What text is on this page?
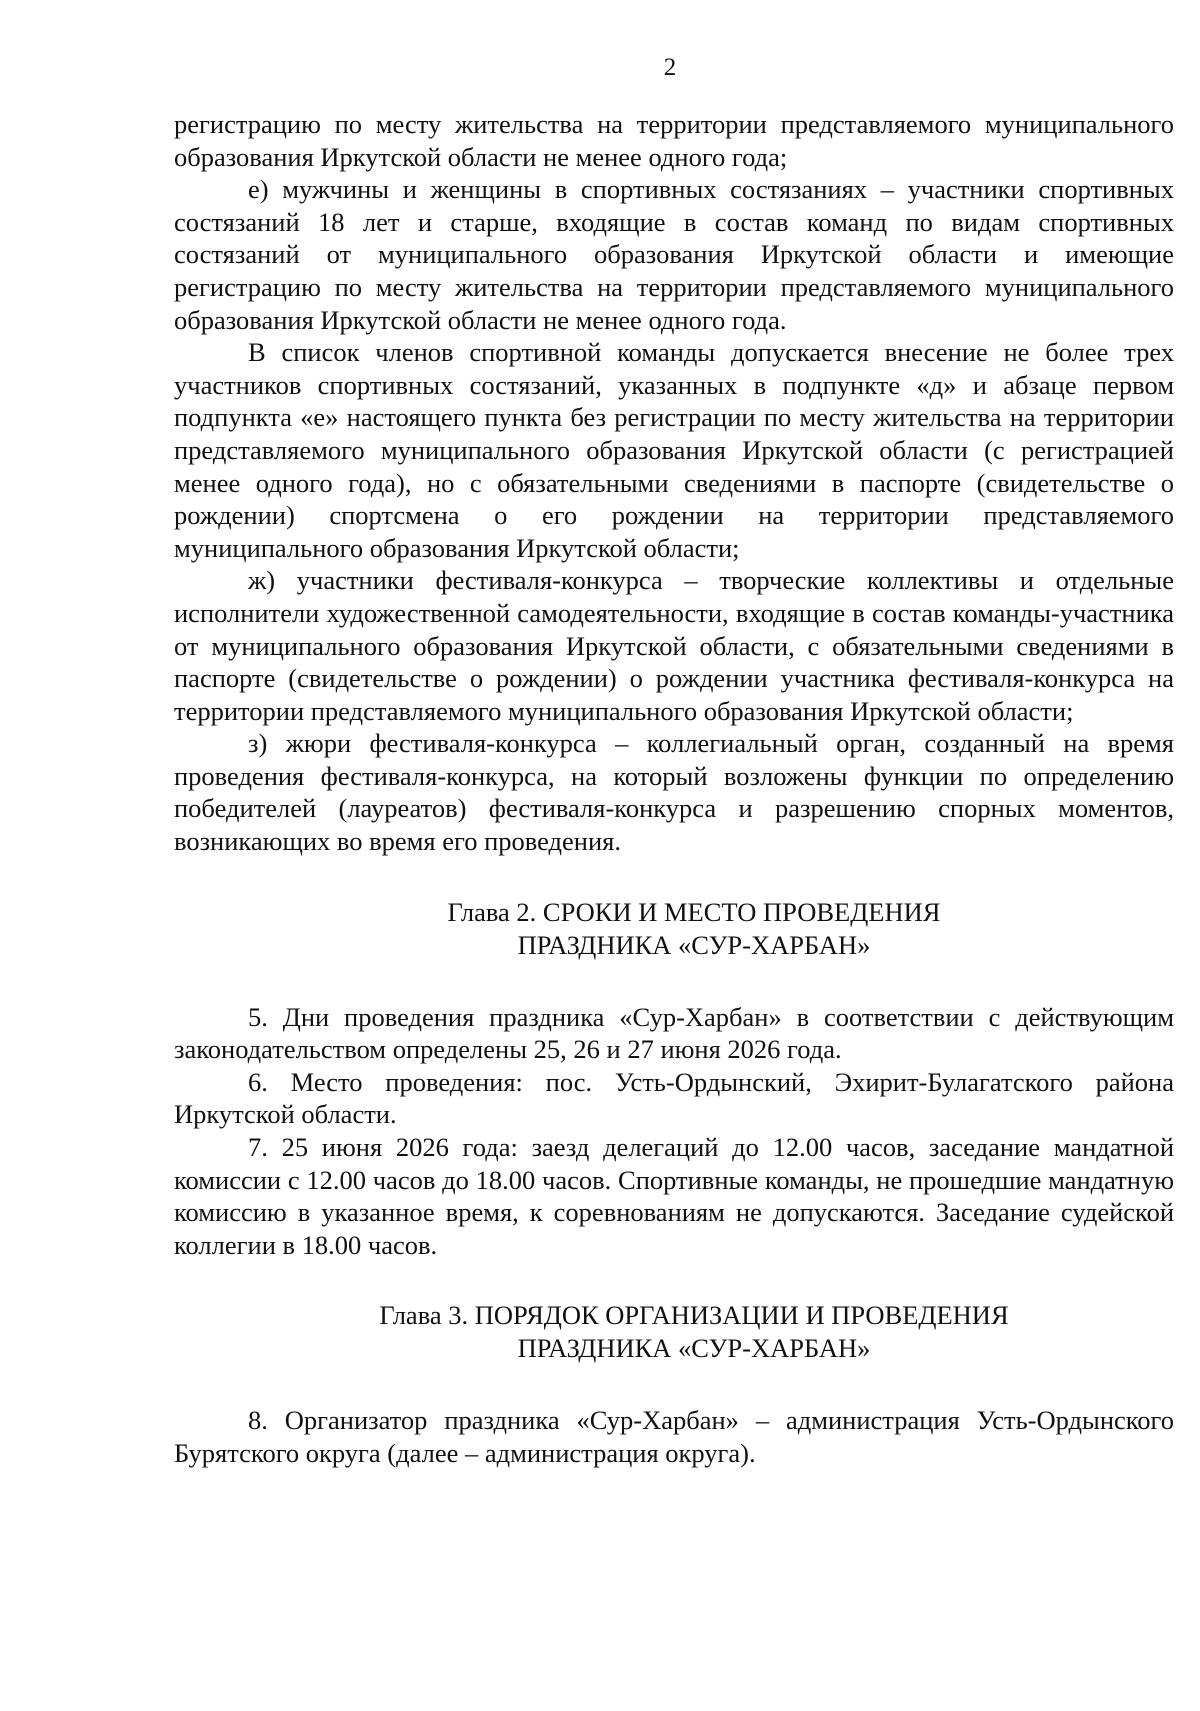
2

регистрацию по месту жительства на территории представляемого муниципального образования Иркутской области не менее одного года;

е) мужчины и женщины в спортивных состязаниях – участники спортивных состязаний 18 лет и старше, входящие в состав команд по видам спортивных состязаний от муниципального образования Иркутской области и имеющие регистрацию по месту жительства на территории представляемого муниципального образования Иркутской области не менее одного года.

В список членов спортивной команды допускается внесение не более трех участников спортивных состязаний, указанных в подпункте «д» и абзаце первом подпункта «е» настоящего пункта без регистрации по месту жительства на территории представляемого муниципального образования Иркутской области (с регистрацией менее одного года), но с обязательными сведениями в паспорте (свидетельстве о рождении) спортсмена о его рождении на территории представляемого муниципального образования Иркутской области;

ж) участники фестиваля-конкурса – творческие коллективы и отдельные исполнители художественной самодеятельности, входящие в состав команды-участника от муниципального образования Иркутской области, с обязательными сведениями в паспорте (свидетельстве о рождении) о рождении участника фестиваля-конкурса на территории представляемого муниципального образования Иркутской области;

з) жюри фестиваля-конкурса – коллегиальный орган, созданный на время проведения фестиваля-конкурса, на который возложены функции по определению победителей (лауреатов) фестиваля-конкурса и разрешению спорных моментов, возникающих во время его проведения.

Глава 2. СРОКИ И МЕСТО ПРОВЕДЕНИЯ
ПРАЗДНИКА «СУР-ХАРБАН»

5. Дни проведения праздника «Сур-Харбан» в соответствии с действующим законодательством определены 25, 26 и 27 июня 2026 года.

6. Место проведения: пос. Усть-Ордынский, Эхирит-Булагатского района Иркутской области.

7. 25 июня 2026 года: заезд делегаций до 12.00 часов, заседание мандатной комиссии с 12.00 часов до 18.00 часов. Спортивные команды, не прошедшие мандатную комиссию в указанное время, к соревнованиям не допускаются. Заседание судейской коллегии в 18.00 часов.

Глава 3. ПОРЯДОК ОРГАНИЗАЦИИ И ПРОВЕДЕНИЯ
ПРАЗДНИКА «СУР-ХАРБАН»

8. Организатор праздника «Сур-Харбан» – администрация Усть-Ордынского Бурятского округа (далее – администрация округа).
